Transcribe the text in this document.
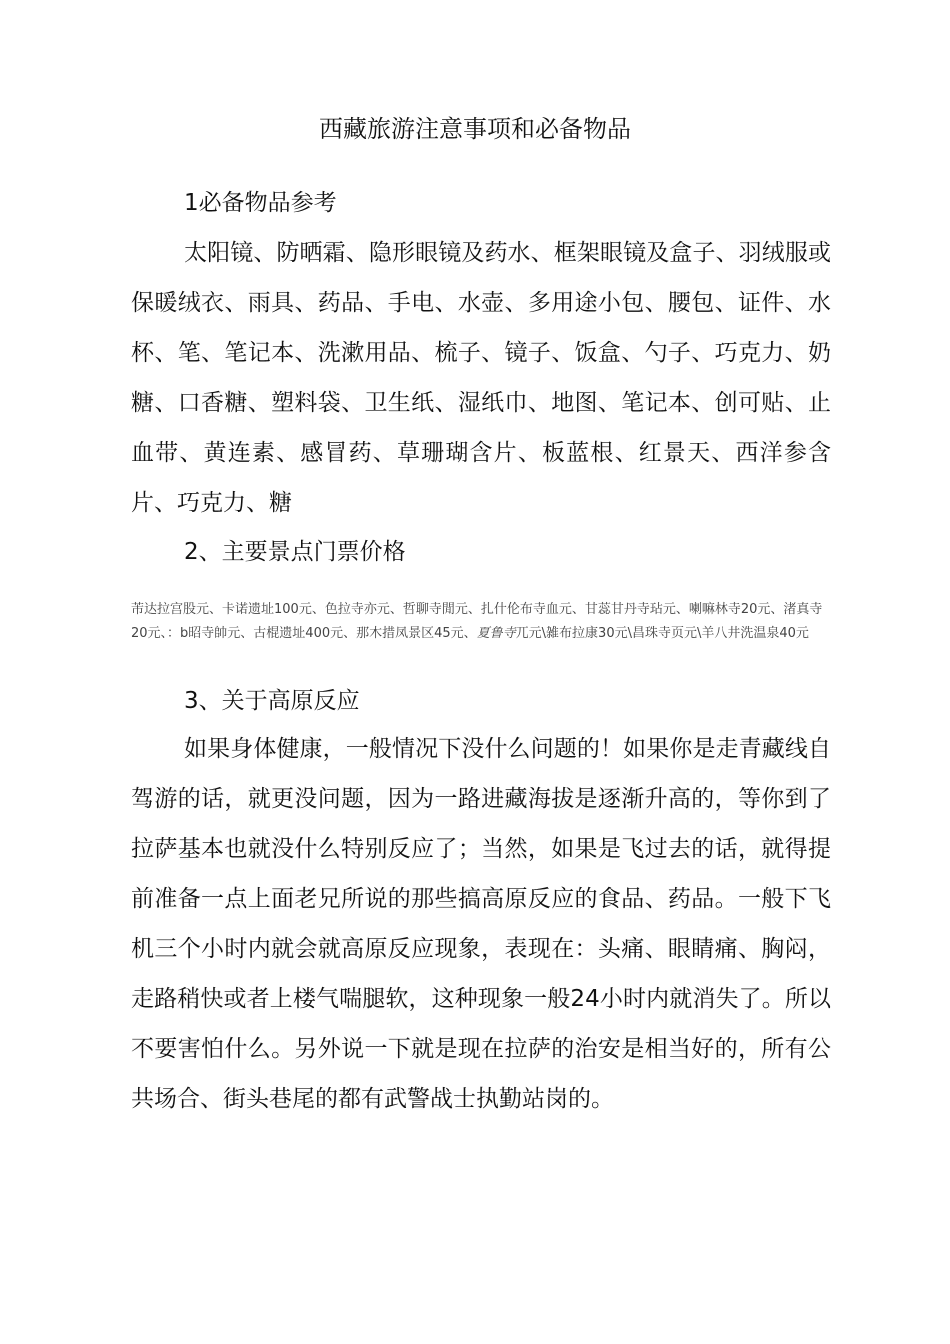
西藏旅游注意事项和必备物品
1必备物品参考

太阳镜、防晒霜、隐形眼镜及药水、框架眼镜及盒子、羽绒服或保暖绒衣、雨具、药品、手电、水壶、多用途小包、腰包、证件、水杯、笔、笔记本、洗漱用品、梳子、镜子、饭盒、勺子、巧克力、奶糖、口香糖、塑料袋、卫生纸、湿纸巾、地图、笔记本、创可贴、止血带、黄连素、感冒药、草珊瑚含片、板蓝根、红景天、西洋参含片、巧克力、糖

2、主要景点门票价格

芾达拉宫股元、卡诺遗址100元、色拉寺亦元、哲聊寺閒元、扎什伦布寺血元、甘蕊甘丹寺玷元、喇嘛林寺20元、渚真寺20元、：b昭寺帥元、古棍遗址400元、那木措凤景区45元、夏鲁寺兀元\雑布拉康30元\昌珠寺页元\羊八井洗温泉40元

3、关于高原反应

如果身体健康，一般情况下没什么问题的！如果你是走青藏线自驾游的话，就更没问题，因为一路进藏海拔是逐渐升高的，等你到了拉萨基本也就没什么特别反应了；当然，如果是飞过去的话，就得提前准备一点上面老兄所说的那些搞高原反应的食品、药品。一般下飞机三个小时内就会就高原反应现象，表现在：头痛、眼睛痛、胸闷，走路稍快或者上楼气喘腿软，这种现象一般24小时内就消失了。所以不要害怕什么。另外说一下就是现在拉萨的治安是相当好的，所有公共场合、街头巷尾的都有武警战士执勤站岗的。
